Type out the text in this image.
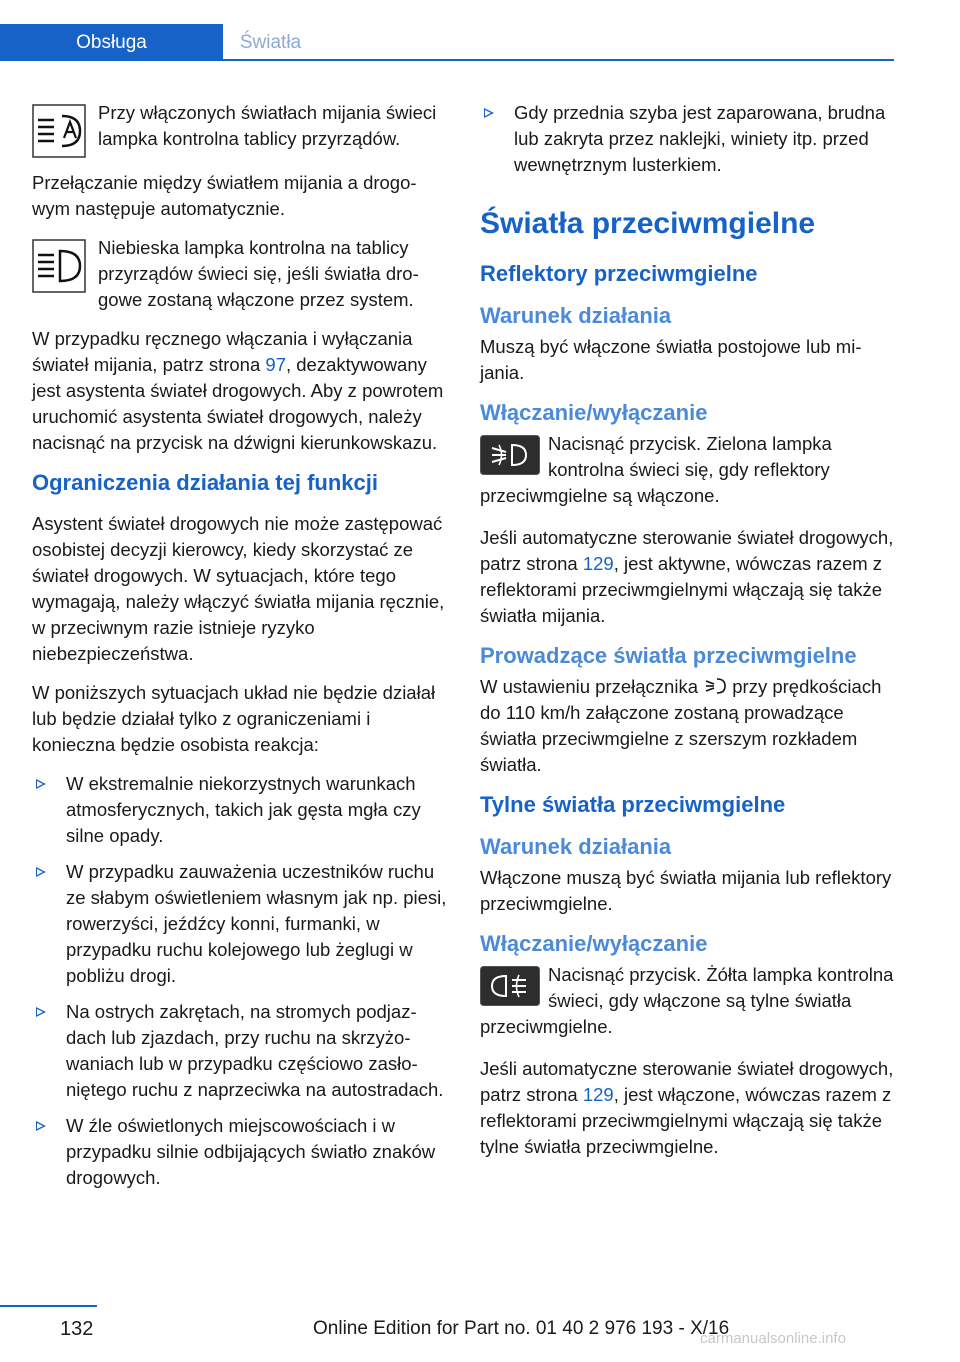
Obsługa	Światła
Przy włączonych światłach mijania świeci lampka kontrolna tablicy przyrządów.
Przełączanie między światłem mijania a drogowym następuje automatycznie.
Niebieska lampka kontrolna na tablicy przyrządów świeci się, jeśli światła drogowe zostaną włączone przez system.
W przypadku ręcznego włączania i wyłączania świateł mijania, patrz strona 97, dezaktywowany jest asystenta świateł drogowych. Aby z powrotem uruchomić asystenta świateł drogowych, należy nacisnąć na przycisk na dźwigni kierunkowskazu.
Ograniczenia działania tej funkcji
Asystent świateł drogowych nie może zastępować osobistej decyzji kierowcy, kiedy skorzystać ze świateł drogowych. W sytuacjach, które tego wymagają, należy włączyć światła mijania ręcznie, w przeciwnym razie istnieje ryzyko niebezpieczeństwa.
W poniższych sytuacjach układ nie będzie działał lub będzie działał tylko z ograniczeniami i konieczna będzie osobista reakcja:
W ekstremalnie niekorzystnych warunkach atmosferycznych, takich jak gęsta mgła czy silne opady.
W przypadku zauważenia uczestników ruchu ze słabym oświetleniem własnym jak np. piesi, rowerzyści, jeźdźcy konni, furmanki, w przypadku ruchu kolejowego lub żeglugi w pobliżu drogi.
Na ostrych zakrętach, na stromych podjazdach lub zjazdach, przy ruchu na skrzyżowaniach lub w przypadku częściowo zasłoniętego ruchu z naprzeciwka na autostradach.
W źle oświetlonych miejscowościach i w przypadku silnie odbijających światło znaków drogowych.
Gdy przednia szyba jest zaparowana, brudna lub zakryta przez naklejki, winiety itp. przed wewnętrznym lusterkiem.
Światła przeciwmgielne
Reflektory przeciwmgielne
Warunek działania
Muszą być włączone światła postojowe lub mijania.
Włączanie/wyłączanie
Nacisnąć przycisk. Zielona lampka kontrolna świeci się, gdy reflektory przeciwmgielne są włączone.
Jeśli automatyczne sterowanie świateł drogowych, patrz strona 129, jest aktywne, wówczas razem z reflektorami przeciwmgielnymi włączają się także światła mijania.
Prowadzące światła przeciwmgielne
W ustawieniu przełącznika  przy prędkościach do 110 km/h załączone zostaną prowadzące światła przeciwmgielne z szerszym rozkładem światła.
Tylne światła przeciwmgielne
Warunek działania
Włączone muszą być światła mijania lub reflektory przeciwmgielne.
Włączanie/wyłączanie
Nacisnąć przycisk. Żółta lampka kontrolna świeci, gdy włączone są tylne światła przeciwmgielne.
Jeśli automatyczne sterowanie świateł drogowych, patrz strona 129, jest włączone, wówczas razem z reflektorami przeciwmgielnymi włączają się także tylne światła przeciwmgielne.
132	Online Edition for Part no. 01 40 2 976 193 - X/16
carmanualsonline.info
